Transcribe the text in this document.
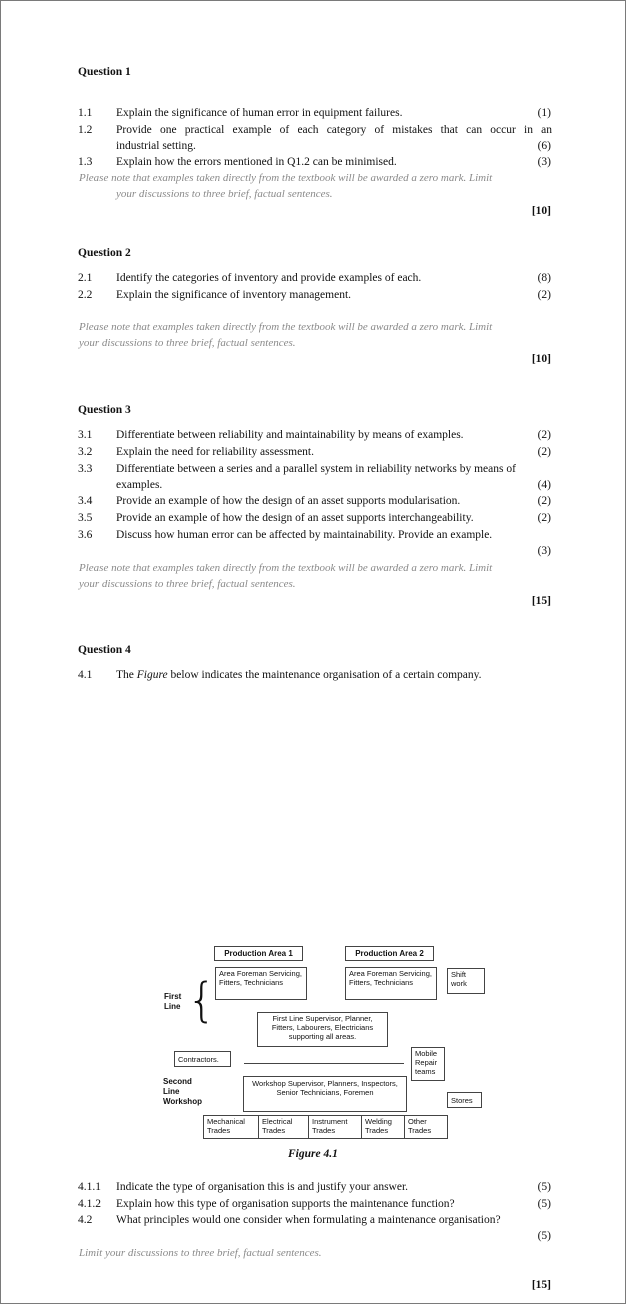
Question 1
1.1 Explain the significance of human error in equipment failures.	(1)
1.2 Provide one practical example of each category of mistakes that can occur in an
industrial setting.	(6)
1.3 Explain how the errors mentioned in Q1.2 can be minimised.	(3)
Please note that examples taken directly from the textbook will be awarded a zero mark. Limit
your discussions to three brief, factual sentences.
[10]
Question 2
2.1 Identify the categories of inventory and provide examples of each.	(8)
2.2 Explain the significance of inventory management.	(2)
Please note that examples taken directly from the textbook will be awarded a zero mark. Limit
your discussions to three brief, factual sentences.
[10]
Question 3
3.1 Differentiate between reliability and maintainability by means of examples.	(2)
3.2 Explain the need for reliability assessment.	(2)
3.3 Differentiate between a series and a parallel system in reliability networks by means of
examples.	(4)
3.4 Provide an example of how the design of an asset supports modularisation.	(2)
3.5 Provide an example of how the design of an asset supports interchangeability.	(2)
3.6 Discuss how human error can be affected by maintainability. Provide an example.
(3)
Please note that examples taken directly from the textbook will be awarded a zero mark. Limit
your discussions to three brief, factual sentences.
[15]
Question 4
4.1 The Figure below indicates the maintenance organisation of a certain company.
Production Area 1	Production Area 2
Area Foreman Servicing, Fitters, Technicians
Area Foreman Servicing, Fitters, Technicians
Shift work
First
Line {	First Line Supervisor, Planner, Fitters, Labourers, Electricians supporting all areas.
Contractors.
Mobile Repair teams
Second
Line
Workshop
Workshop Supervisor, Planners, Inspectors, Senior Technicians, Foremen
Stores
Mechanical Trades
Electrical Trades
Instrument Trades
Welding Trades
Other Trades
Figure 4.1
4.1.1 Indicate the type of organisation this is and justify your answer.	(5)
4.1.2 Explain how this type of organisation supports the maintenance function?	(5)
4.2 What principles would one consider when formulating a maintenance organisation?
(5)
Limit your discussions to three brief, factual sentences.
[15]
